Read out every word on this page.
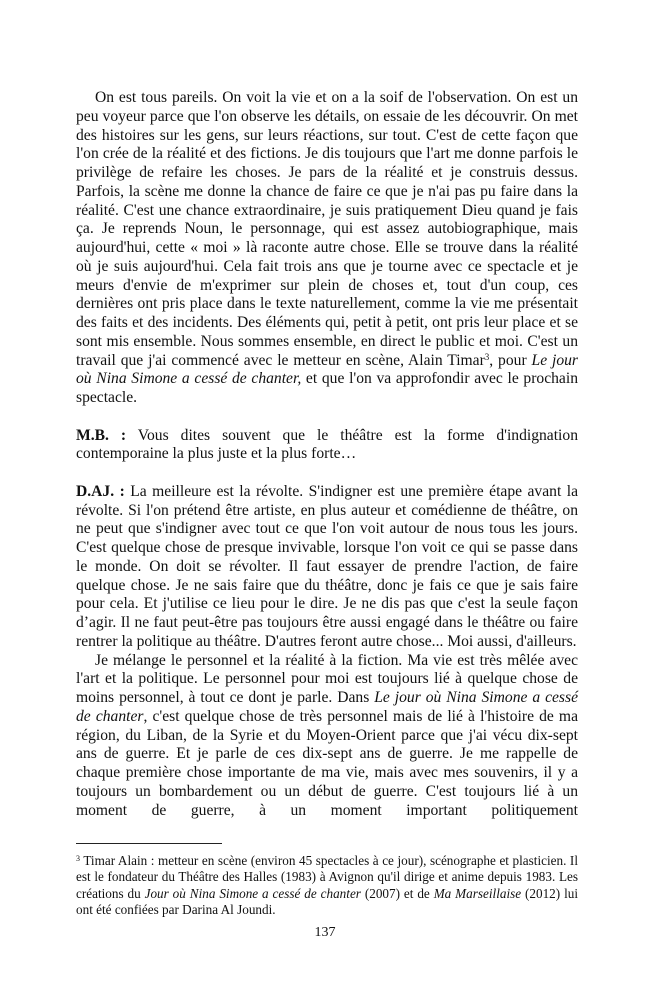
On est tous pareils. On voit la vie et on a la soif de l'observation. On est un peu voyeur parce que l'on observe les détails, on essaie de les découvrir. On met des histoires sur les gens, sur leurs réactions, sur tout. C'est de cette façon que l'on crée de la réalité et des fictions. Je dis toujours que l'art me donne parfois le privilège de refaire les choses. Je pars de la réalité et je construis dessus. Parfois, la scène me donne la chance de faire ce que je n'ai pas pu faire dans la réalité. C'est une chance extraordinaire, je suis pratiquement Dieu quand je fais ça. Je reprends Noun, le personnage, qui est assez autobiographique, mais aujourd'hui, cette « moi » là raconte autre chose. Elle se trouve dans la réalité où je suis aujourd'hui. Cela fait trois ans que je tourne avec ce spectacle et je meurs d'envie de m'exprimer sur plein de choses et, tout d'un coup, ces dernières ont pris place dans le texte naturellement, comme la vie me présentait des faits et des incidents. Des éléments qui, petit à petit, ont pris leur place et se sont mis ensemble. Nous sommes ensemble, en direct le public et moi. C'est un travail que j'ai commencé avec le metteur en scène, Alain Timar$^3$, pour Le jour où Nina Simone a cessé de chanter, et que l'on va approfondir avec le prochain spectacle.

M.B. : Vous dites souvent que le théâtre est la forme d'indignation contemporaine la plus juste et la plus forte…

D.AJ. : La meilleure est la révolte. S'indigner est une première étape avant la révolte. Si l'on prétend être artiste, en plus auteur et comédienne de théâtre, on ne peut que s'indigner avec tout ce que l'on voit autour de nous tous les jours. C'est quelque chose de presque invivable, lorsque l'on voit ce qui se passe dans le monde. On doit se révolter. Il faut essayer de prendre l'action, de faire quelque chose. Je ne sais faire que du théâtre, donc je fais ce que je sais faire pour cela. Et j'utilise ce lieu pour le dire. Je ne dis pas que c'est la seule façon d’agir. Il ne faut peut-être pas toujours être aussi engagé dans le théâtre ou faire rentrer la politique au théâtre. D'autres feront autre chose... Moi aussi, d'ailleurs.

Je mélange le personnel et la réalité à la fiction. Ma vie est très mêlée avec l'art et la politique. Le personnel pour moi est toujours lié à quelque chose de moins personnel, à tout ce dont je parle. Dans Le jour où Nina Simone a cessé de chanter, c'est quelque chose de très personnel mais de lié à l'histoire de ma région, du Liban, de la Syrie et du Moyen-Orient parce que j'ai vécu dix-sept ans de guerre. Et je parle de ces dix-sept ans de guerre. Je me rappelle de chaque première chose importante de ma vie, mais avec mes souvenirs, il y a toujours un bombardement ou un début de guerre. C'est toujours lié à un moment de guerre, à un moment important politiquement

$^3$ Timar Alain : metteur en scène (environ 45 spectacles à ce jour), scénographe et plasticien. Il est le fondateur du Théâtre des Halles (1983) à Avignon qu'il dirige et anime depuis 1983. Les créations du Jour où Nina Simone a cessé de chanter (2007) et de Ma Marseillaise (2012) lui ont été confiées par Darina Al Joundi.
137
